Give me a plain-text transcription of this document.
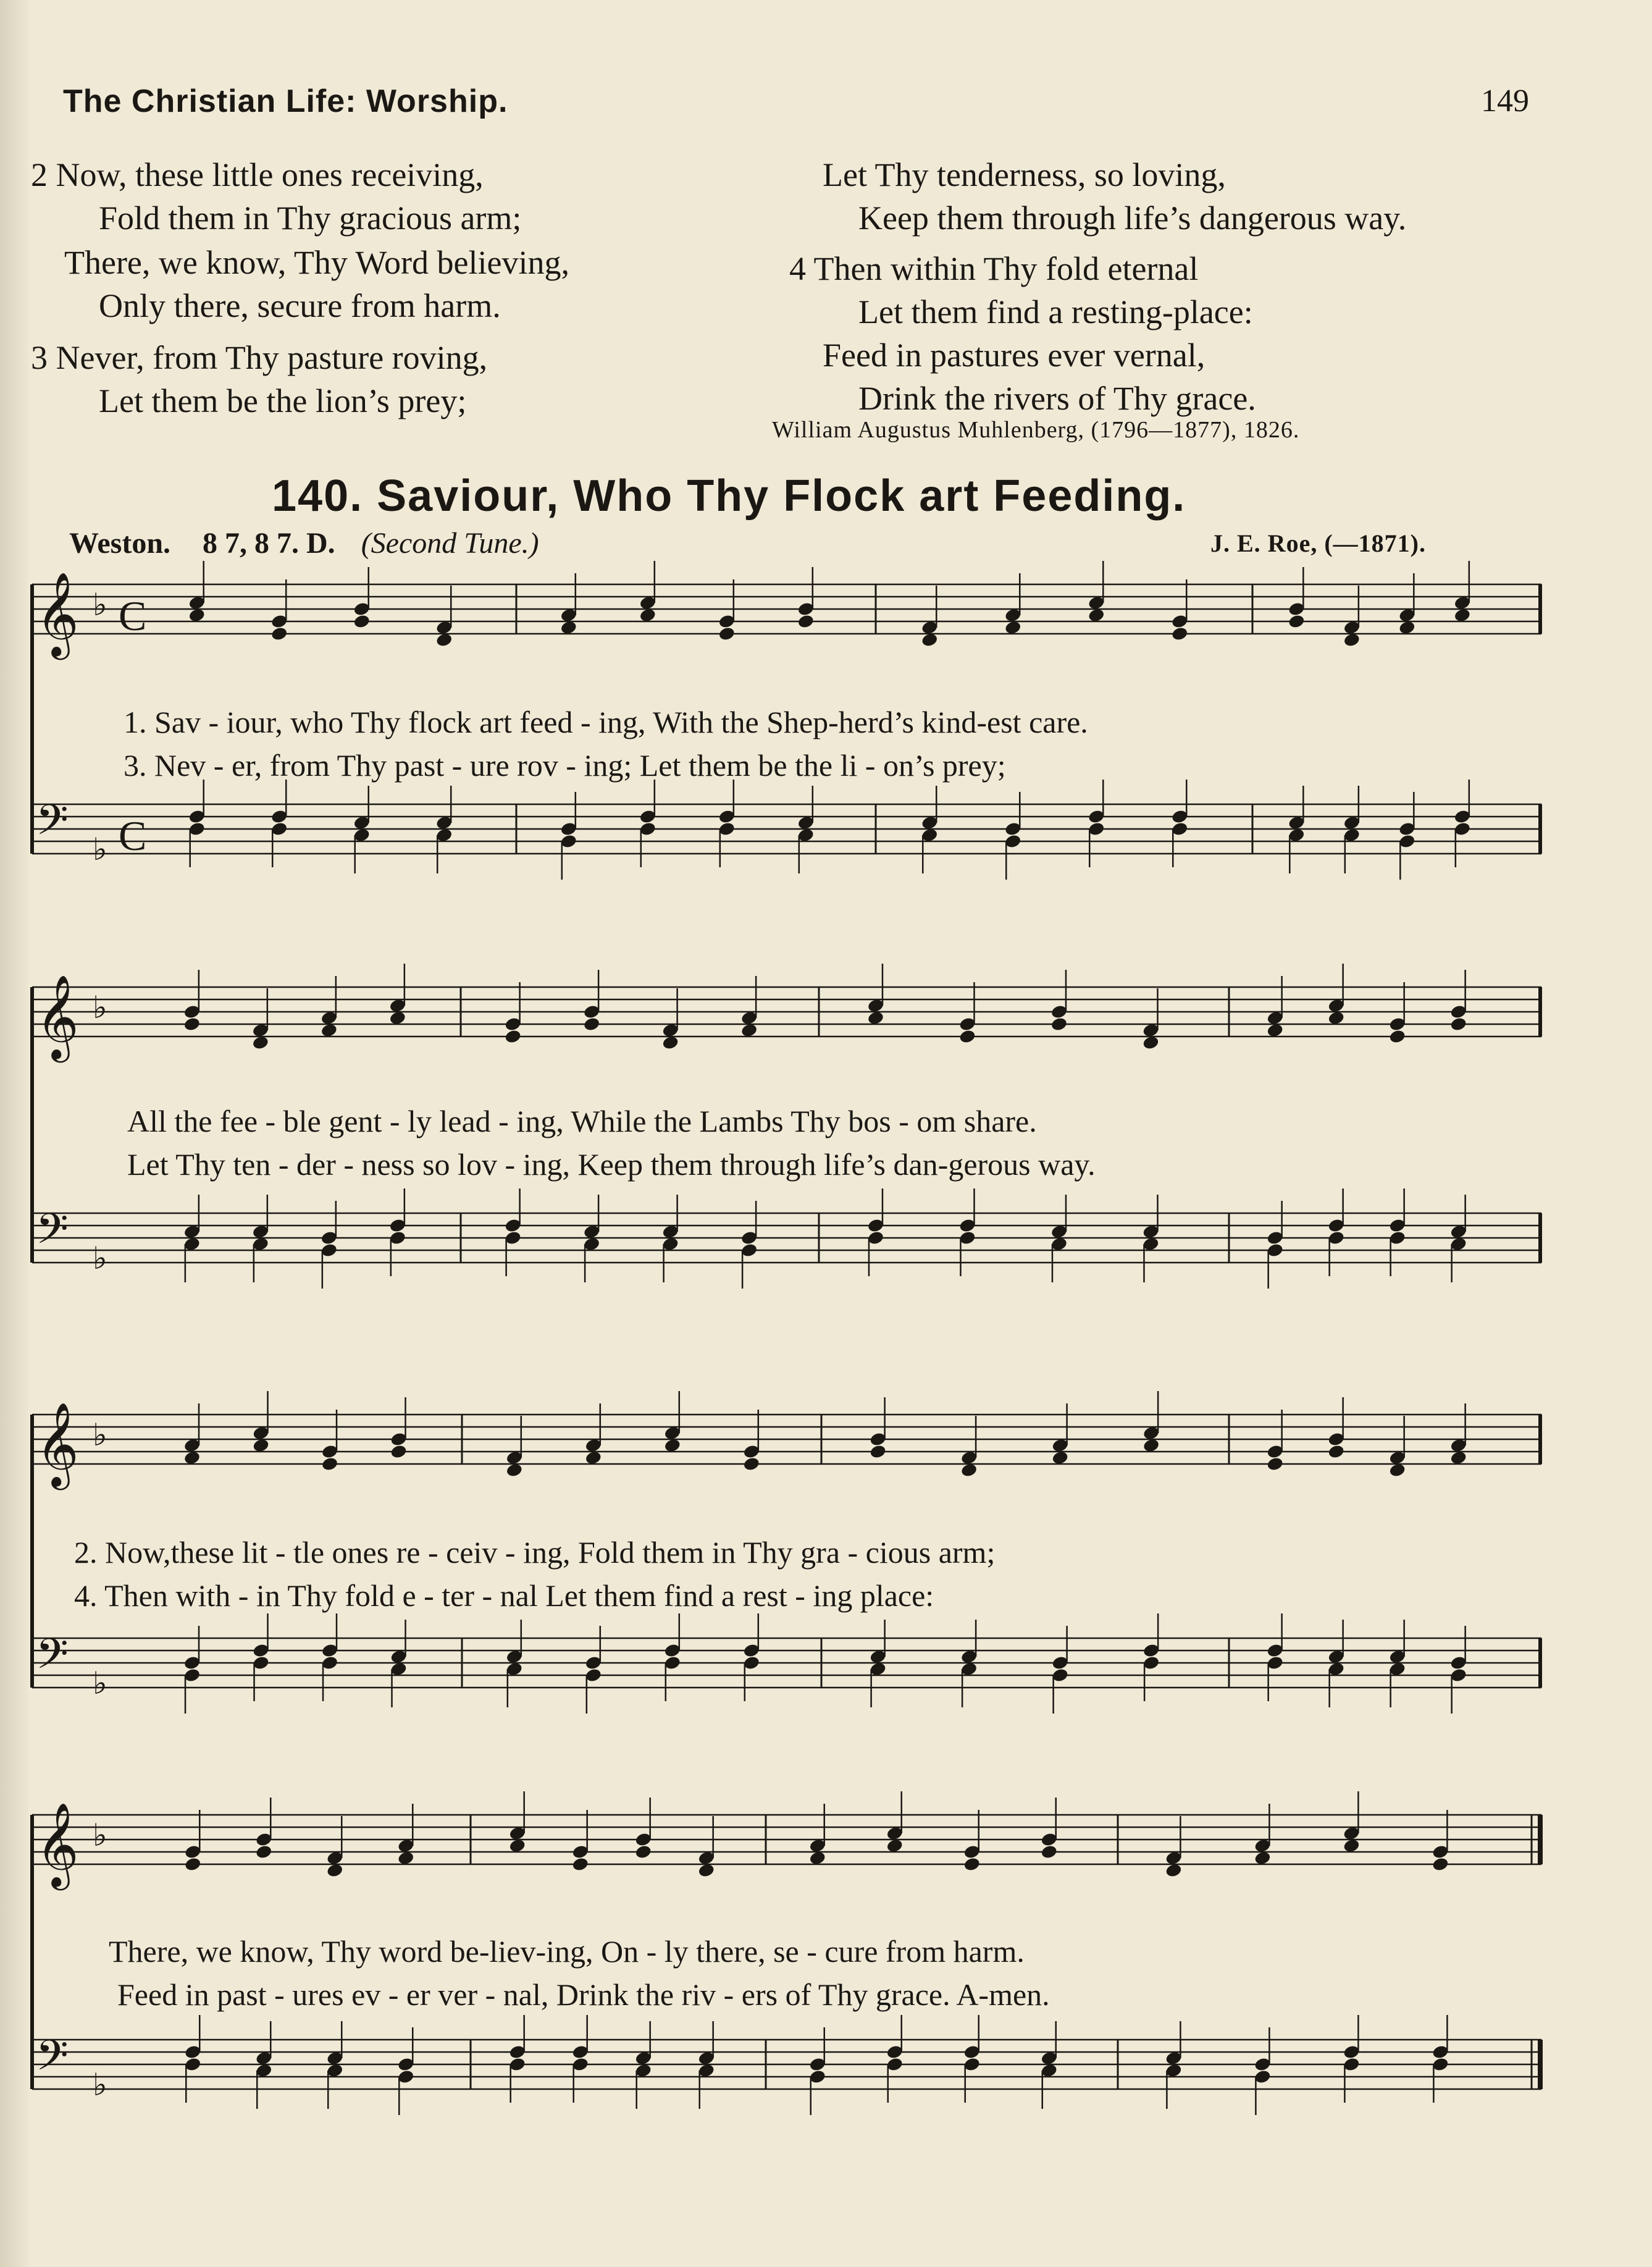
The Christian Life: Worship.	149
2 Now, these little ones receiving,
Fold them in Thy gracious arm;
There, we know, Thy Word believing,
Only there, secure from harm.
3 Never, from Thy pasture roving,
Let them be the lion’s prey;
Let Thy tenderness, so loving,
Keep them through life’s dangerous way.
4 Then within Thy fold eternal
Let them find a resting-place:
Feed in pastures ever vernal,
Drink the rivers of Thy grace.
William Augustus Muhlenberg, (1796—1877), 1826.
140. Saviour, Who Thy Flock art Feeding.
Weston. 8 7, 8 7. D. (Second Tune.)	J. E. Roe, (—1871).
𝄞 ♭ C
𝄢 ♭ C
𝄞 ♭
𝄢 ♭
𝄞 ♭
𝄢 ♭
𝄞 ♭
𝄢 ♭
1. Sav - iour, who Thy flock art feed - ing, With the Shep-herd’s kind-est care.
3. Nev - er, from Thy past - ure rov - ing; Let them be the li - on’s prey;
All the fee - ble gent - ly lead - ing, While the Lambs Thy bos - om share.
Let Thy ten - der - ness so lov - ing, Keep them through life’s dan-gerous way.
2. Now,these lit - tle ones re - ceiv - ing, Fold them in Thy gra - cious arm;
4. Then with - in Thy fold e - ter - nal Let them find a rest - ing place:
There, we know, Thy word be-liev-ing, On - ly there, se - cure from harm.
Feed in past - ures ev - er ver - nal, Drink the riv - ers of Thy grace. A-men.
